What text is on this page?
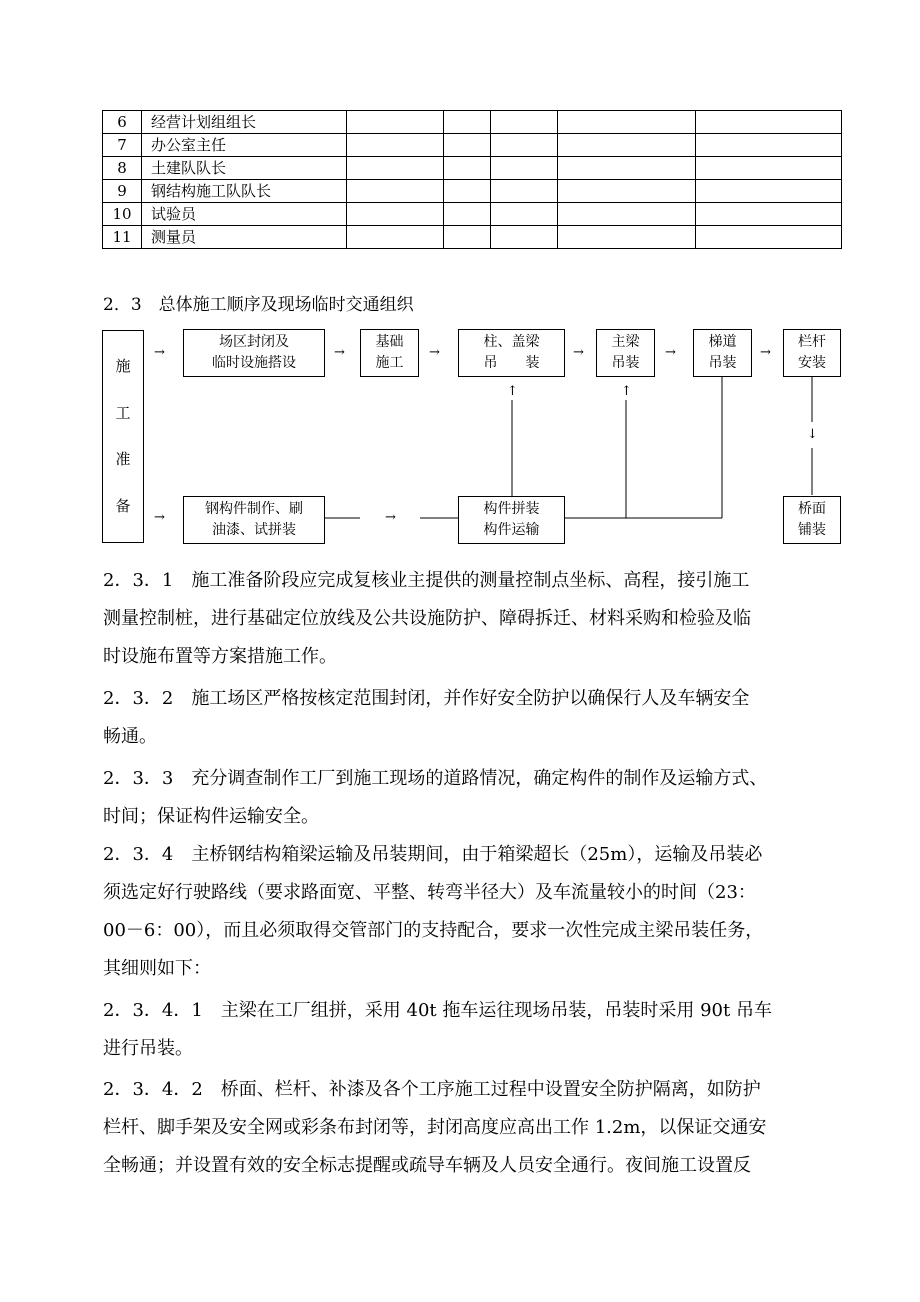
6	经营计划组组长					
7	办公室主任					
8	土建队队长					
9	钢结构施工队队长					
10	试验员					
11	测量员					
2．3　总体施工顺序及现场临时交通组织
施
工
准
备
场区封闭及
临时设施搭设
基础
施工
柱、盖梁
吊　　装
主梁
吊装
梯道
吊装
栏杆
安装
钢构件制作、刷
油漆、试拼装
构件拼装
构件运输
桥面
铺装
→	→	→	→	→	→
→	→
↑	↑
↓
2．3．1　施工准备阶段应完成复核业主提供的测量控制点坐标、高程，接引施工
测量控制桩，进行基础定位放线及公共设施防护、障碍拆迁、材料采购和检验及临
时设施布置等方案措施工作。
2．3．2　施工场区严格按核定范围封闭，并作好安全防护以确保行人及车辆安全
畅通。
2．3．3　充分调查制作工厂到施工现场的道路情况，确定构件的制作及运输方式、
时间；保证构件运输安全。
2．3．4　主桥钢结构箱梁运输及吊装期间，由于箱梁超长（25m），运输及吊装必
须选定好行驶路线（要求路面宽、平整、转弯半径大）及车流量较小的时间（23：
00－6：00），而且必须取得交管部门的支持配合，要求一次性完成主梁吊装任务，
其细则如下：
2．3．4．1　主梁在工厂组拼，采用 40t 拖车运往现场吊装，吊装时采用 90t 吊车
进行吊装。
2．3．4．2　桥面、栏杆、补漆及各个工序施工过程中设置安全防护隔离，如防护
栏杆、脚手架及安全网或彩条布封闭等，封闭高度应高出工作 1.2m，以保证交通安
全畅通；并设置有效的安全标志提醒或疏导车辆及人员安全通行。夜间施工设置反
